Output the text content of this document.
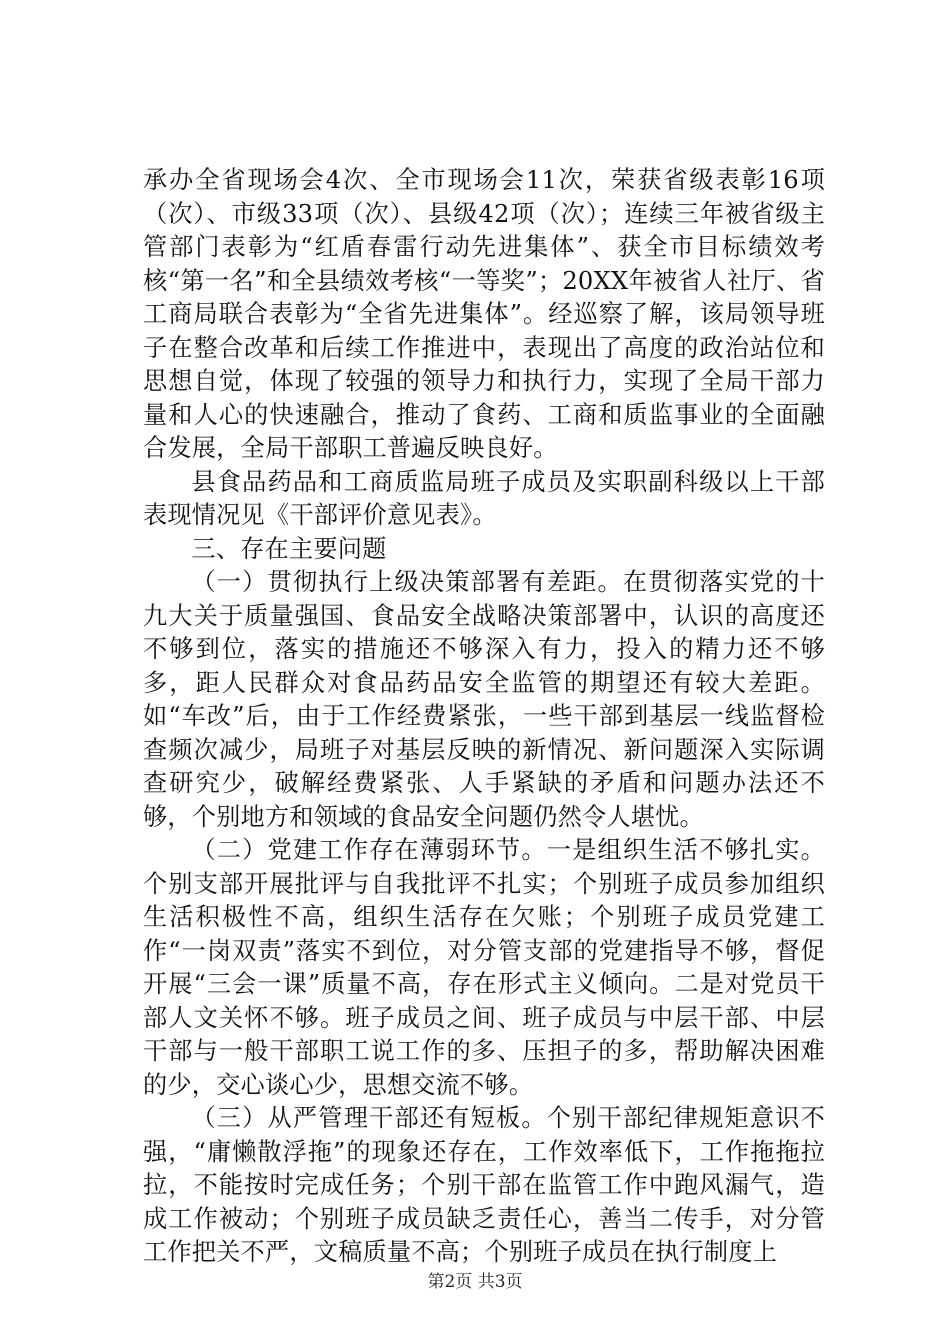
承办全省现场会4次、全市现场会11次，荣获省级表彰16项（次）、市级33项（次）、县级42项（次）；连续三年被省级主管部门表彰为“红盾春雷行动先进集体”、获全市目标绩效考核“第一名”和全县绩效考核“一等奖”；20XX年被省人社厅、省工商局联合表彰为“全省先进集体”。经巡察了解，该局领导班子在整合改革和后续工作推进中，表现出了高度的政治站位和思想自觉，体现了较强的领导力和执行力，实现了全局干部力量和人心的快速融合，推动了食药、工商和质监事业的全面融合发展，全局干部职工普遍反映良好。

县食品药品和工商质监局班子成员及实职副科级以上干部表现情况见《干部评价意见表》。

三、存在主要问题

（一）贯彻执行上级决策部署有差距。在贯彻落实党的十九大关于质量强国、食品安全战略决策部署中，认识的高度还不够到位，落实的措施还不够深入有力，投入的精力还不够多，距人民群众对食品药品安全监管的期望还有较大差距。如“车改”后，由于工作经费紧张，一些干部到基层一线监督检查频次减少，局班子对基层反映的新情况、新问题深入实际调查研究少，破解经费紧张、人手紧缺的矛盾和问题办法还不够，个别地方和领域的食品安全问题仍然令人堪忧。

（二）党建工作存在薄弱环节。一是组织生活不够扎实。个别支部开展批评与自我批评不扎实；个别班子成员参加组织生活积极性不高，组织生活存在欠账；个别班子成员党建工作“一岗双责”落实不到位，对分管支部的党建指导不够，督促开展“三会一课”质量不高，存在形式主义倾向。二是对党员干部人文关怀不够。班子成员之间、班子成员与中层干部、中层干部与一般干部职工说工作的多、压担子的多，帮助解决困难的少，交心谈心少，思想交流不够。

（三）从严管理干部还有短板。个别干部纪律规矩意识不强，“庸懒散浮拖”的现象还存在，工作效率低下，工作拖拖拉拉，不能按时完成任务；个别干部在监管工作中跑风漏气，造成工作被动；个别班子成员缺乏责任心，善当二传手，对分管工作把关不严，文稿质量不高；个别班子成员在执行制度上

第2页 共3页
